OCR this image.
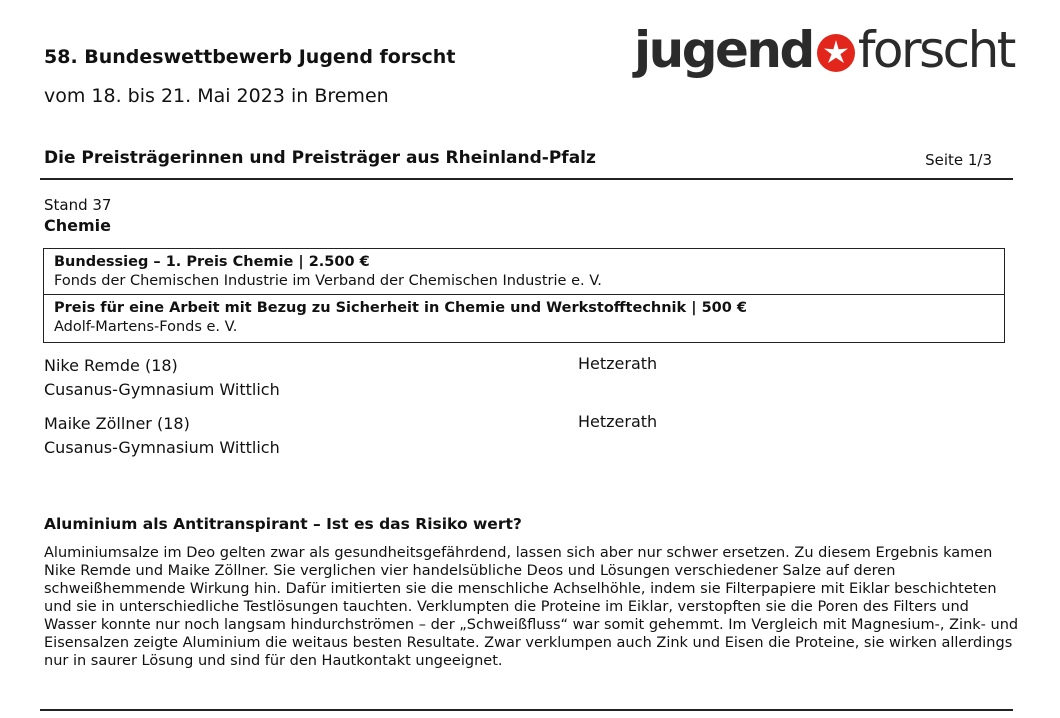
58. Bundeswettbewerb Jugend forscht
vom 18. bis 21. Mai 2023 in Bremen
jugend forscht
Die Preisträgerinnen und Preisträger aus Rheinland-Pfalz	Seite 1/3
Stand 37
Chemie
Bundessieg – 1. Preis Chemie | 2.500 €
Fonds der Chemischen Industrie im Verband der Chemischen Industrie e. V.
Preis für eine Arbeit mit Bezug zu Sicherheit in Chemie und Werkstofftechnik | 500 €
Adolf-Martens-Fonds e. V.
Nike Remde (18)
Cusanus-Gymnasium Wittlich
Hetzerath
Maike Zöllner (18)
Cusanus-Gymnasium Wittlich
Hetzerath
Aluminium als Antitranspirant – Ist es das Risiko wert?
Aluminiumsalze im Deo gelten zwar als gesundheitsgefährdend, lassen sich aber nur schwer ersetzen. Zu diesem Ergebnis kamen Nike Remde und Maike Zöllner. Sie verglichen vier handelsübliche Deos und Lösungen verschiedener Salze auf deren schweißhemmende Wirkung hin. Dafür imitierten sie die menschliche Achselhöhle, indem sie Filterpapiere mit Eiklar beschichteten und sie in unterschiedliche Testlösungen tauchten. Verklumpten die Proteine im Eiklar, verstopften sie die Poren des Filters und Wasser konnte nur noch langsam hindurchströmen – der „Schweißfluss“ war somit gehemmt. Im Vergleich mit Magnesium-, Zink- und Eisensalzen zeigte Aluminium die weitaus besten Resultate. Zwar verklumpen auch Zink und Eisen die Proteine, sie wirken allerdings nur in saurer Lösung und sind für den Hautkontakt ungeeignet.
